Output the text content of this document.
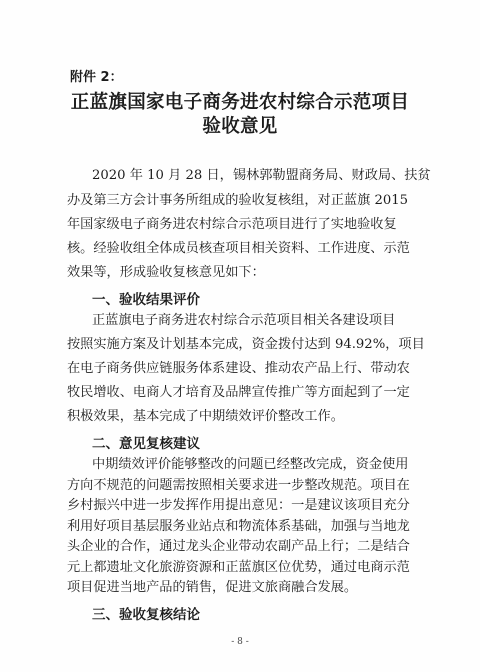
附件 2：
正蓝旗国家电子商务进农村综合示范项目
验收意见
2020 年 10 月 28 日，锡林郭勒盟商务局、财政局、扶贫
办及第三方会计事务所组成的验收复核组，对正蓝旗 2015
年国家级电子商务进农村综合示范项目进行了实地验收复
核。经验收组全体成员核查项目相关资料、工作进度、示范
效果等，形成验收复核意见如下：
一、验收结果评价
正蓝旗电子商务进农村综合示范项目相关各建设项目
按照实施方案及计划基本完成，资金拨付达到 94.92%，项目
在电子商务供应链服务体系建设、推动农产品上行、带动农
牧民增收、电商人才培育及品牌宣传推广等方面起到了一定
积极效果，基本完成了中期绩效评价整改工作。
二、意见复核建议
中期绩效评价能够整改的问题已经整改完成，资金使用
方向不规范的问题需按照相关要求进一步整改规范。项目在
乡村振兴中进一步发挥作用提出意见：一是建议该项目充分
利用好项目基层服务业站点和物流体系基础，加强与当地龙
头企业的合作，通过龙头企业带动农副产品上行；二是结合
元上都遗址文化旅游资源和正蓝旗区位优势，通过电商示范
项目促进当地产品的销售，促进文旅商融合发展。
三、验收复核结论
- 8 -
